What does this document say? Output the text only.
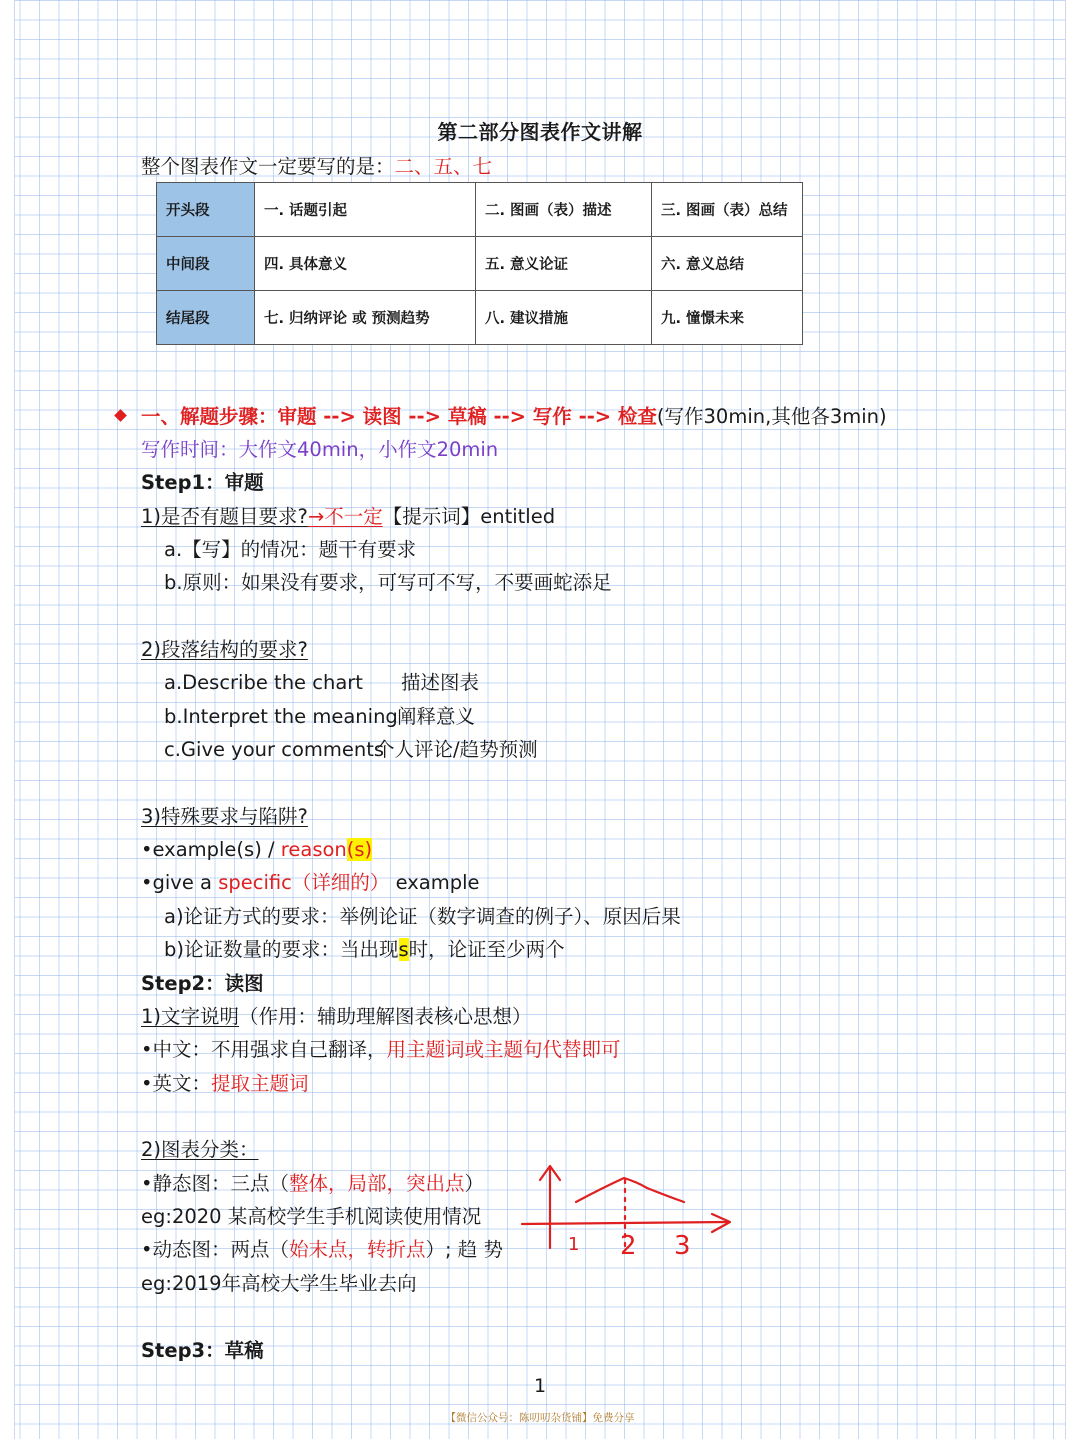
第二部分图表作文讲解
整个图表作文一定要写的是：二、五、七
开头段	一. 话题引起	二. 图画（表）描述	三. 图画（表）总结
中间段	四. 具体意义	五. 意义论证	六. 意义总结
结尾段	七. 归纳评论 或 预测趋势	八. 建议措施	九. 憧憬未来
一、解题步骤：审题 --> 读图 --> 草稿 --> 写作 --> 检查(写作30min,其他各3min)
写作时间：大作文40min，小作文20min
Step1：审题
1)是否有题目要求?→不一定【提示词】entitled
a.【写】的情况：题干有要求
b.原则：如果没有要求，可写可不写，不要画蛇添足
2)段落结构的要求?
a.Describe the chart	描述图表
b.Interpret the meaning 阐释意义
c.Give your comments
个人评论/趋势预测
3)特殊要求与陷阱?
•example(s) / reason(s)
•give a specific（详细的） example
a)论证方式的要求：举例论证（数字调查的例子）、原因后果
b)论证数量的要求：当出现s时，论证至少两个
Step2：读图
1)文字说明（作用：辅助理解图表核心思想）
•中文：不用强求自己翻译，用主题词或主题句代替即可
•英文：提取主题词
2)图表分类：
•静态图：三点（整体，局部，突出点）
eg:2020 某高校学生手机阅读使用情况
•动态图：两点（始末点，转折点）; 趋 势
eg:2019年高校大学生毕业去向
1 2 3
Step3：草稿
1
【微信公众号：陈叨叨杂货铺】免费分享
